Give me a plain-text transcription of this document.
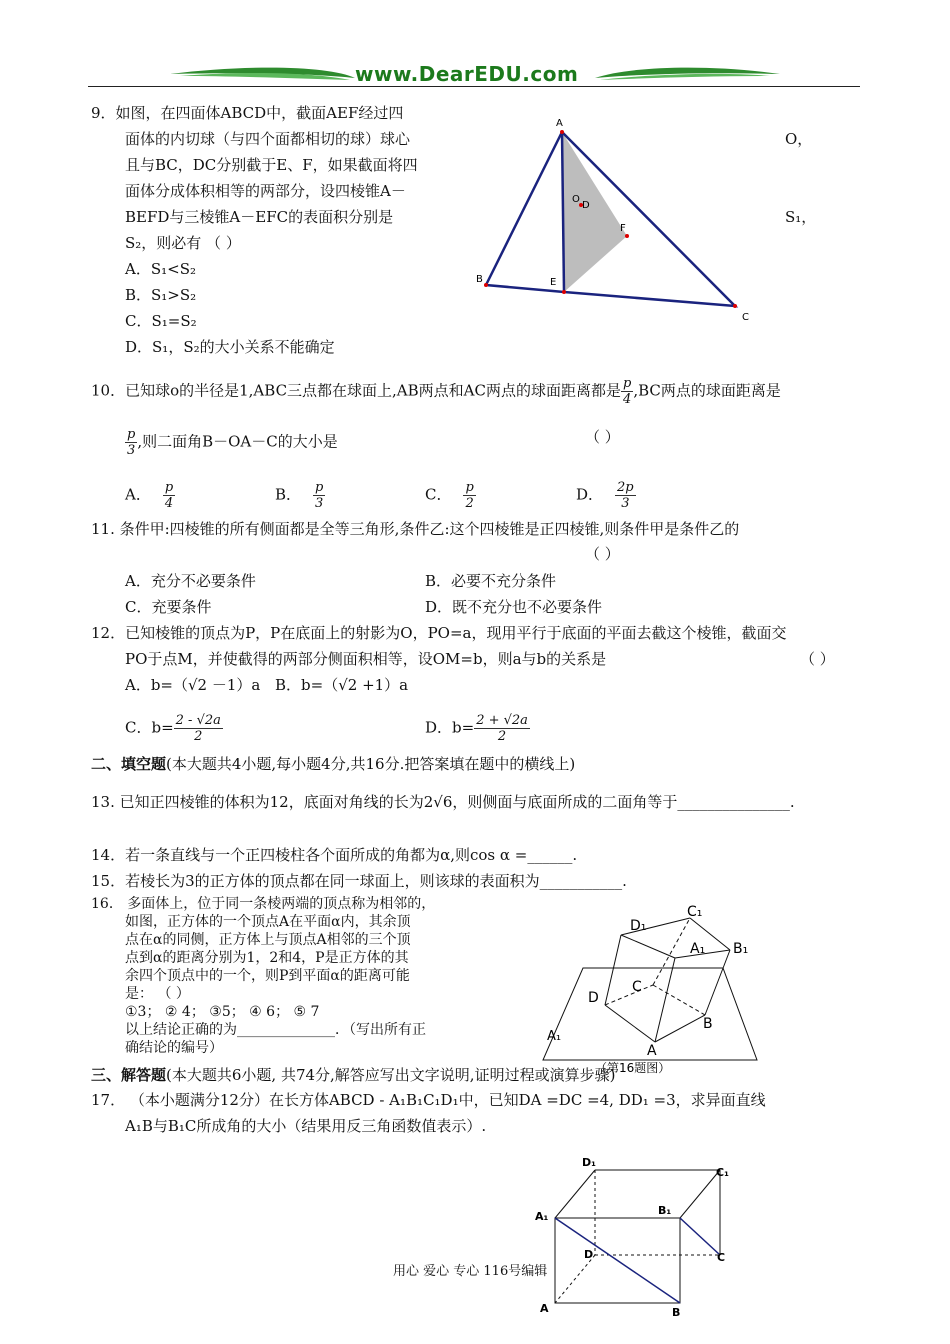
www.DearEDU.com
9．如图，在四面体ABCD中，截面AEF经过四
面体的内切球（与四个面都相切的球）球心	O，
且与BC，DC分别截于E、F，如果截面将四
面体分成体积相等的两部分，设四棱锥A－
BEFD与三棱锥A－EFC的表面积分别是	S₁，
S₂，则必有 （ ）
A．S₁<S₂
B．S₁>S₂
C．S₁=S₂
D．S₁，S₂的大小关系不能确定
A
B
C
E
F
O
D
10．已知球o的半径是1,ABC三点都在球面上,AB两点和AC两点的球面距离都是 $\frac{p}{4} ,BC$两点的球面距离是
$\frac{p}{3}$ ,则二面角B－OA－C的大小是	（ ）
A． $\frac{p}{4}$	B． $\frac{p}{3}$	C． $\frac{p}{2}$	D． $\frac{2p}{3}$
11. 条件甲:四棱锥的所有侧面都是全等三角形,条件乙:这个四棱锥是正四棱锥,则条件甲是条件乙的
（ ）
A．充分不必要条件	B．必要不充分条件
C．充要条件	D．既不充分也不必要条件
12．已知棱锥的顶点为P，P在底面上的射影为O，PO=a，现用平行于底面的平面去截这个棱锥，截面交
PO于点M，并使截得的两部分侧面积相等，设OM=b，则a与b的关系是	（ ）
A．b=（√2 －1）a B．b=（√2 +1）a
C．$b= \frac{2 - √2a}{2}$	D．$b= \frac{2 + √2a}{2}$
二、填空题(本大题共4小题,每小题4分,共16分.把答案填在题中的横线上)
13. 已知正四棱锥的体积为12，底面对角线的长为2√6，则侧面与底面所成的二面角等于_______________.
14．若一条直线与一个正四棱柱各个面所成的角都为α,则cos α =______.
15．若棱长为3的正方体的顶点都在同一球面上，则该球的表面积为___________.
16． 多面体上，位于同一条棱两端的顶点称为相邻的，
如图，正方体的一个顶点A在平面α内，其余顶
点在α的同侧，正方体上与顶点A相邻的三个顶
点到α的距离分别为1，2和4，P是正方体的其
余四个顶点中的一个，则P到平面α的距离可能
是： （ ）
①3； ② 4； ③5； ④ 6； ⑤ 7
以上结论正确的为______________．（写出所有正
确结论的编号）
D₁
C₁
A₁ B₁
C
D
B
A₁
A
（第16题图）
三、解答题(本大题共6小题, 共74分,解答应写出文字说明,证明过程或演算步骤)
17． （本小题满分12分）在长方体ABCD - A₁B₁C₁D₁中，已知DA =DC =4, DD₁ =3，求异面直线
A₁B与B₁C所成角的大小（结果用反三角函数值表示）.
D₁
C₁
A₁	B₁
D	C
A	B
用心 爱心 专心 116号编辑
